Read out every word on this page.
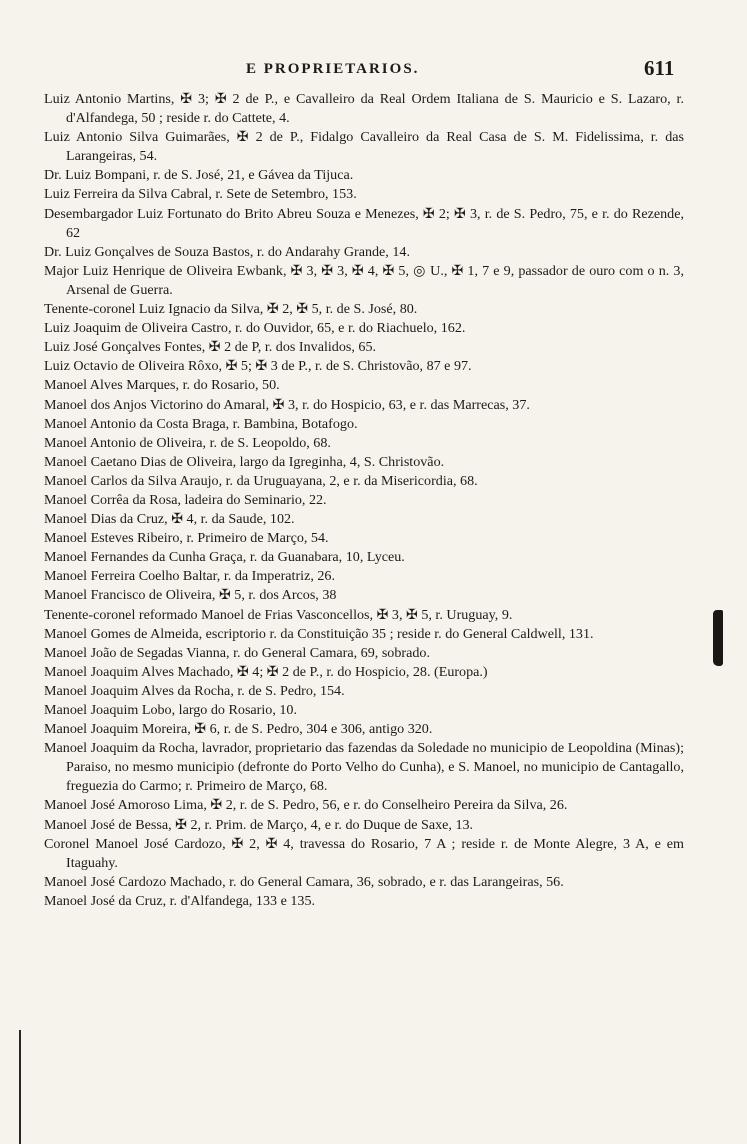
E PROPRIETARIOS.	611
Luiz Antonio Martins, ✠ 3; ✠ 2 de P., e Cavalleiro da Real Ordem Italiana de S. Mauricio e S. Lazaro, r. d'Alfandega, 50 ; reside r. do Cattete, 4.
Luiz Antonio Silva Guimarães, ✠ 2 de P., Fidalgo Cavalleiro da Real Casa de S. M. Fidelissima, r. das Larangeiras, 54.
Dr. Luiz Bompani, r. de S. José, 21, e Gávea da Tijuca.
Luiz Ferreira da Silva Cabral, r. Sete de Setembro, 153.
Desembargador Luiz Fortunato do Brito Abreu Souza e Menezes, ✠ 2; ✠ 3, r. de S. Pedro, 75, e r. do Rezende, 62
Dr. Luiz Gonçalves de Souza Bastos, r. do Andarahy Grande, 14.
Major Luiz Henrique de Oliveira Ewbank, ✠ 3, ✠ 3, ✠ 4, ✠ 5, ◎ U., ✠ 1, 7 e 9, passador de ouro com o n. 3, Arsenal de Guerra.
Tenente-coronel Luiz Ignacio da Silva, ✠ 2, ✠ 5, r. de S. José, 80.
Luiz Joaquim de Oliveira Castro, r. do Ouvidor, 65, e r. do Riachuelo, 162.
Luiz José Gonçalves Fontes, ✠ 2 de P, r. dos Invalidos, 65.
Luiz Octavio de Oliveira Rôxo, ✠ 5; ✠ 3 de P., r. de S. Christovão, 87 e 97.
Manoel Alves Marques, r. do Rosario, 50.
Manoel dos Anjos Victorino do Amaral, ✠ 3, r. do Hospicio, 63, e r. das Marrecas, 37.
Manoel Antonio da Costa Braga, r. Bambina, Botafogo.
Manoel Antonio de Oliveira, r. de S. Leopoldo, 68.
Manoel Caetano Dias de Oliveira, largo da Igreginha, 4, S. Christovão.
Manoel Carlos da Silva Araujo, r. da Uruguayana, 2, e r. da Misericordia, 68.
Manoel Corrêa da Rosa, ladeira do Seminario, 22.
Manoel Dias da Cruz, ✠ 4, r. da Saude, 102.
Manoel Esteves Ribeiro, r. Primeiro de Março, 54.
Manoel Fernandes da Cunha Graça, r. da Guanabara, 10, Lyceu.
Manoel Ferreira Coelho Baltar, r. da Imperatriz, 26.
Manoel Francisco de Oliveira, ✠ 5, r. dos Arcos, 38
Tenente-coronel reformado Manoel de Frias Vasconcellos, ✠ 3, ✠ 5, r. Uruguay, 9.
Manoel Gomes de Almeida, escriptorio r. da Constituição 35 ; reside r. do General Caldwell, 131.
Manoel João de Segadas Vianna, r. do General Camara, 69, sobrado.
Manoel Joaquim Alves Machado, ✠ 4; ✠ 2 de P., r. do Hospicio, 28. (Europa.)
Manoel Joaquim Alves da Rocha, r. de S. Pedro, 154.
Manoel Joaquim Lobo, largo do Rosario, 10.
Manoel Joaquim Moreira, ✠ 6, r. de S. Pedro, 304 e 306, antigo 320.
Manoel Joaquim da Rocha, lavrador, proprietario das fazendas da Soledade no municipio de Leopoldina (Minas); Paraiso, no mesmo municipio (defronte do Porto Velho do Cunha), e S. Manoel, no municipio de Cantagallo, freguezia do Carmo; r. Primeiro de Março, 68.
Manoel José Amoroso Lima, ✠ 2, r. de S. Pedro, 56, e r. do Conselheiro Pereira da Silva, 26.
Manoel José de Bessa, ✠ 2, r. Prim. de Março, 4, e r. do Duque de Saxe, 13.
Coronel Manoel José Cardozo, ✠ 2, ✠ 4, travessa do Rosario, 7 A ; reside r. de Monte Alegre, 3 A, e em Itaguahy.
Manoel José Cardozo Machado, r. do General Camara, 36, sobrado, e r. das Larangeiras, 56.
Manoel José da Cruz, r. d'Alfandega, 133 e 135.
